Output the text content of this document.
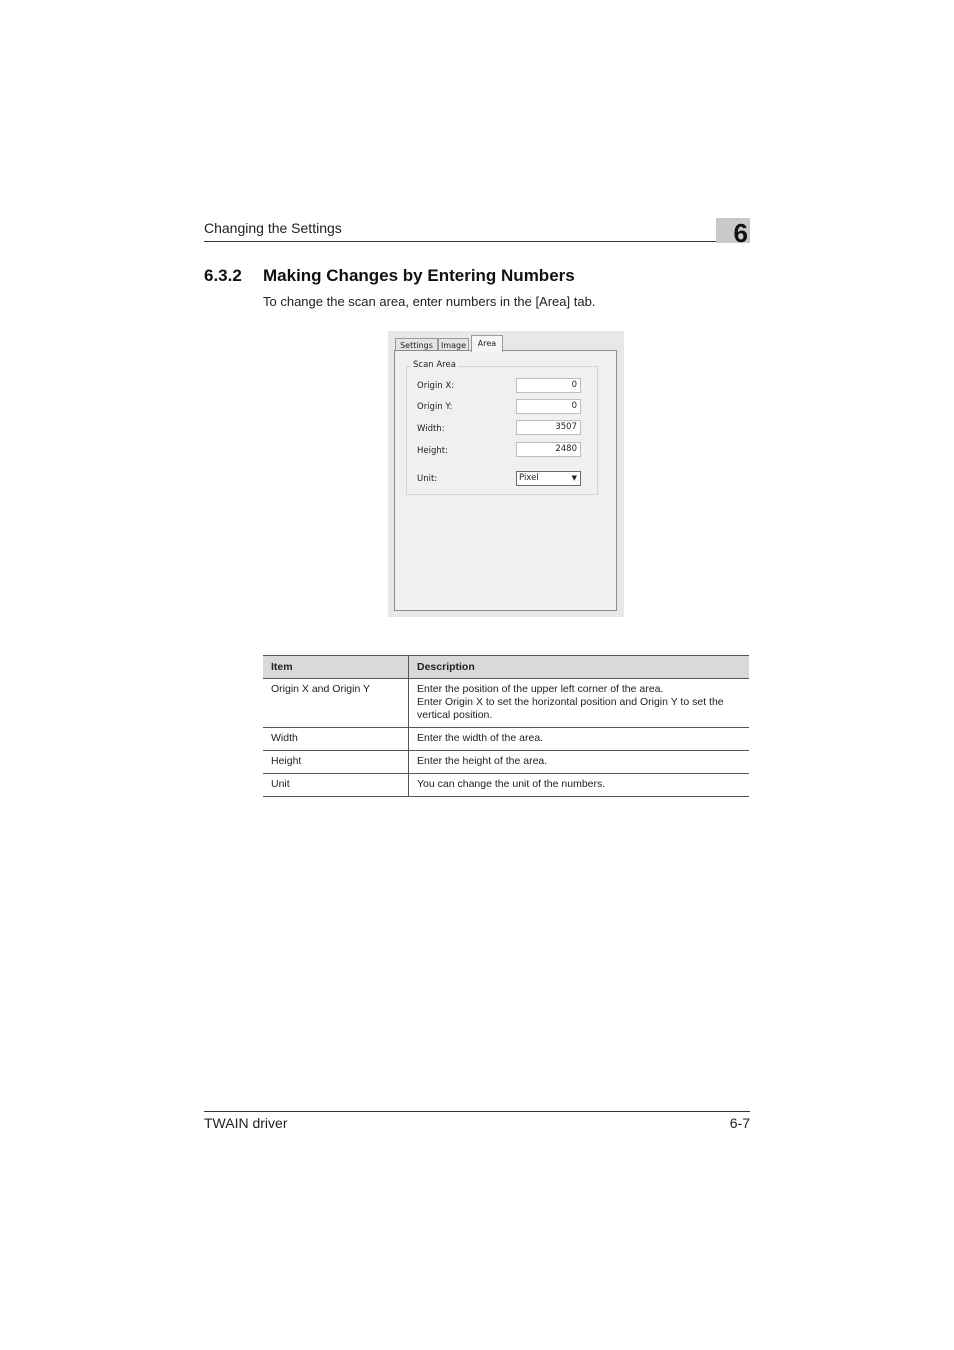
Changing the Settings	6
6.3.2 Making Changes by Entering Numbers
To change the scan area, enter numbers in the [Area] tab.
Settings	Image	Area
Scan Area
Origin X:	0
Origin Y:	0
Width:	3507
Height:	2480
Unit:	Pixel	▼
Item	Description
Origin X and Origin Y	Enter the position of the upper left corner of the area.
Enter Origin X to set the horizontal position and Origin Y to set the vertical position.

Width	Enter the width of the area.
Height	Enter the height of the area.
Unit	You can change the unit of the numbers.
TWAIN driver	6-7
